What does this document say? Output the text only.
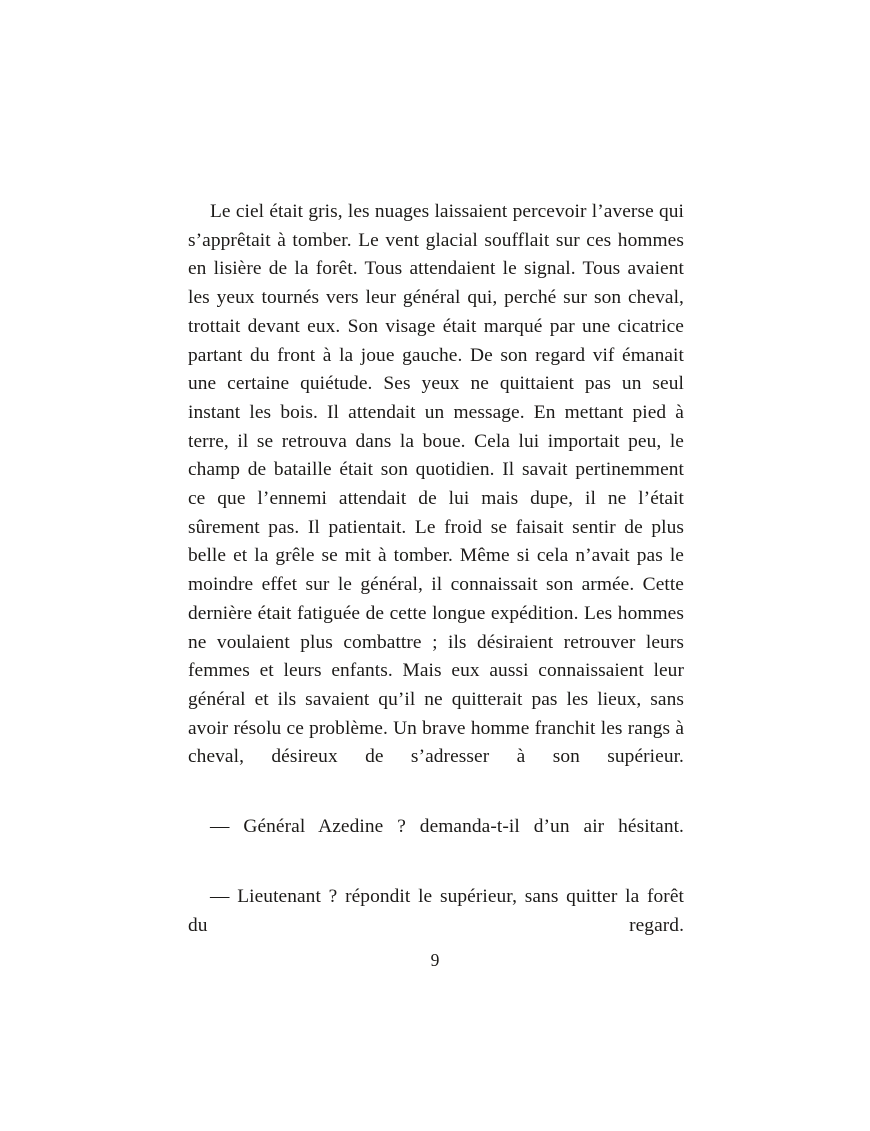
Le ciel était gris, les nuages laissaient percevoir l’averse qui s’apprêtait à tomber. Le vent glacial soufflait sur ces hommes en lisière de la forêt. Tous attendaient le signal. Tous avaient les yeux tournés vers leur général qui, perché sur son cheval, trottait devant eux. Son visage était marqué par une cicatrice partant du front à la joue gauche. De son regard vif émanait une certaine quiétude. Ses yeux ne quittaient pas un seul instant les bois. Il attendait un message. En mettant pied à terre, il se retrouva dans la boue. Cela lui importait peu, le champ de bataille était son quotidien. Il savait pertinemment ce que l’ennemi attendait de lui mais dupe, il ne l’était sûrement pas. Il patientait. Le froid se faisait sentir de plus belle et la grêle se mit à tomber. Même si cela n’avait pas le moindre effet sur le général, il connaissait son armée. Cette dernière était fatiguée de cette longue expédition. Les hommes ne voulaient plus combattre ; ils désiraient retrouver leurs femmes et leurs enfants. Mais eux aussi connaissaient leur général et ils savaient qu’il ne quitterait pas les lieux, sans avoir résolu ce problème. Un brave homme franchit les rangs à cheval, désireux de s’adresser à son supérieur.

— Général Azedine ? demanda-t-il d’un air hésitant.

— Lieutenant ? répondit le supérieur, sans quitter la forêt du regard.

9
